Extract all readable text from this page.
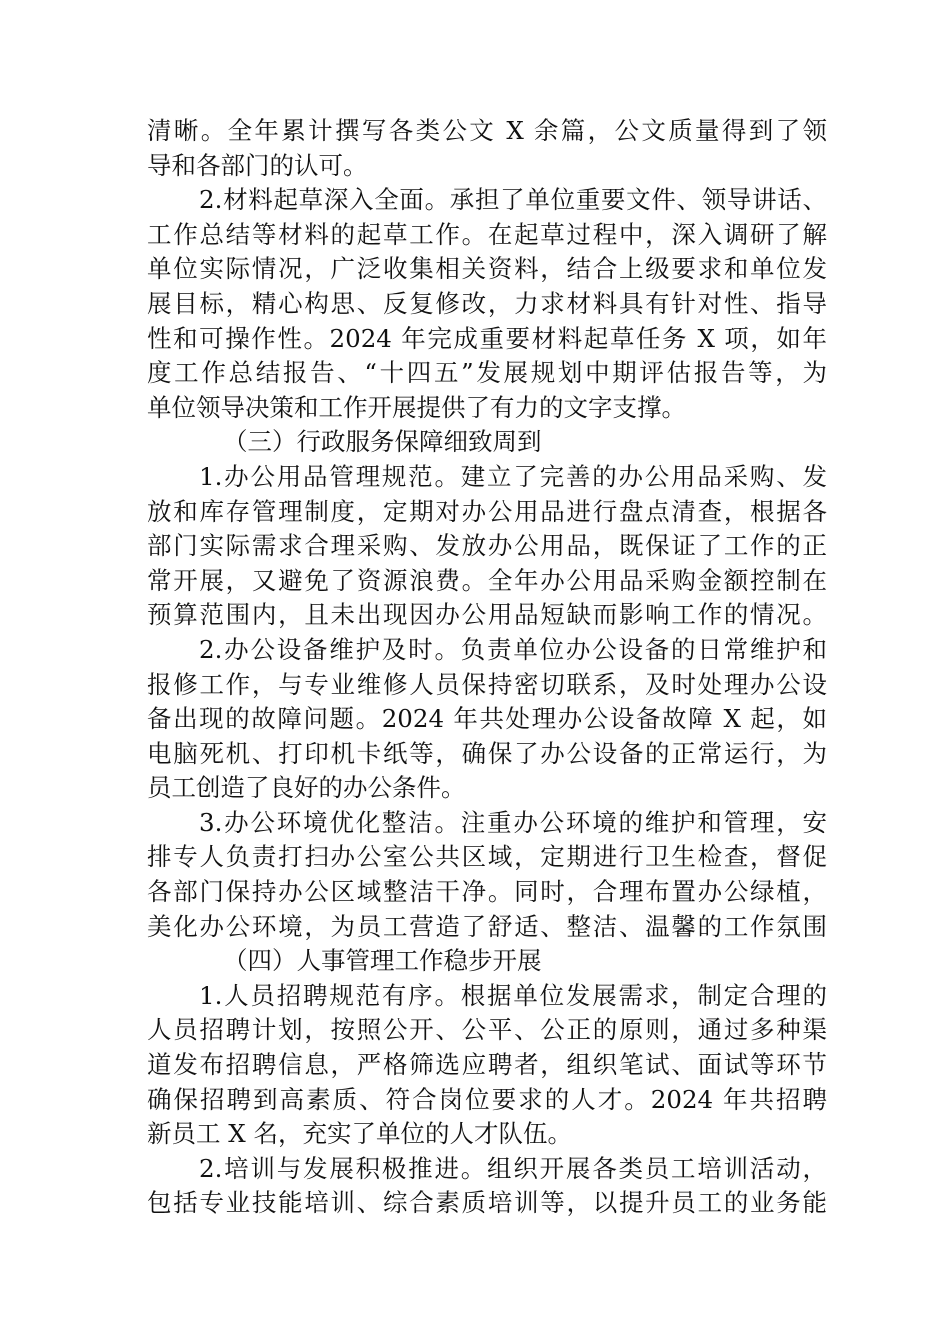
清晰。全年累计撰写各类公文 X 余篇，公文质量得到了领
导和各部门的认可。
2.材料起草深入全面。承担了单位重要文件、领导讲话、
工作总结等材料的起草工作。在起草过程中，深入调研了解
单位实际情况，广泛收集相关资料，结合上级要求和单位发
展目标，精心构思、反复修改，力求材料具有针对性、指导
性和可操作性。2024 年完成重要材料起草任务 X 项，如年
度工作总结报告、“十四五”发展规划中期评估报告等，为
单位领导决策和工作开展提供了有力的文字支撑。
（三）行政服务保障细致周到
1.办公用品管理规范。建立了完善的办公用品采购、发
放和库存管理制度，定期对办公用品进行盘点清查，根据各
部门实际需求合理采购、发放办公用品，既保证了工作的正
常开展，又避免了资源浪费。全年办公用品采购金额控制在
预算范围内，且未出现因办公用品短缺而影响工作的情况。
2.办公设备维护及时。负责单位办公设备的日常维护和
报修工作，与专业维修人员保持密切联系，及时处理办公设
备出现的故障问题。2024 年共处理办公设备故障 X 起，如
电脑死机、打印机卡纸等，确保了办公设备的正常运行，为
员工创造了良好的办公条件。
3.办公环境优化整洁。注重办公环境的维护和管理，安
排专人负责打扫办公室公共区域，定期进行卫生检查，督促
各部门保持办公区域整洁干净。同时，合理布置办公绿植，
美化办公环境，为员工营造了舒适、整洁、温馨的工作氛围
（四）人事管理工作稳步开展
1.人员招聘规范有序。根据单位发展需求，制定合理的
人员招聘计划，按照公开、公平、公正的原则，通过多种渠
道发布招聘信息，严格筛选应聘者，组织笔试、面试等环节
确保招聘到高素质、符合岗位要求的人才。2024 年共招聘
新员工 X 名，充实了单位的人才队伍。
2.培训与发展积极推进。组织开展各类员工培训活动，
包括专业技能培训、综合素质培训等，以提升员工的业务能
